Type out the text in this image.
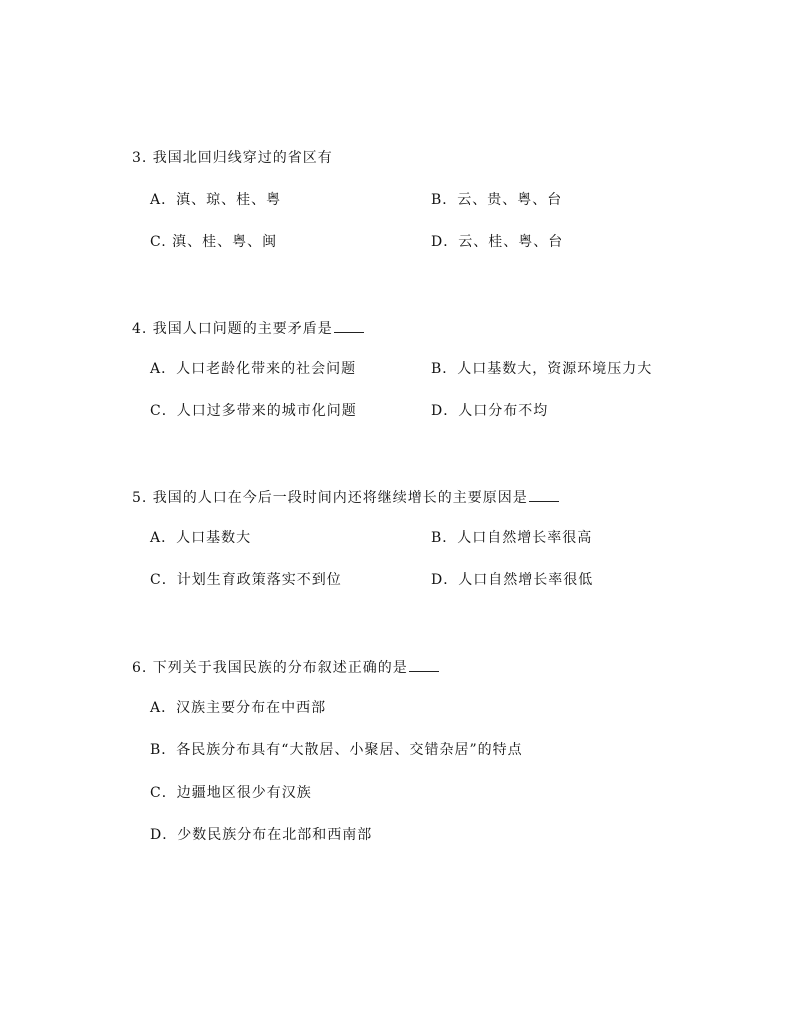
3. 我国北回归线穿过的省区有
A．滇、琼、桂、粤	B．云、贵、粤、台
C. 滇、桂、粤、闽	D．云、桂、粤、台
4. 我国人口问题的主要矛盾是
A．人口老龄化带来的社会问题	B．人口基数大，资源环境压力大
C．人口过多带来的城市化问题	D．人口分布不均
5. 我国的人口在今后一段时间内还将继续增长的主要原因是
A．人口基数大	B．人口自然增长率很高
C．计划生育政策落实不到位	D．人口自然增长率很低
6. 下列关于我国民族的分布叙述正确的是
A．汉族主要分布在中西部
B．各民族分布具有“大散居、小聚居、交错杂居”的特点
C．边疆地区很少有汉族
D．少数民族分布在北部和西南部
